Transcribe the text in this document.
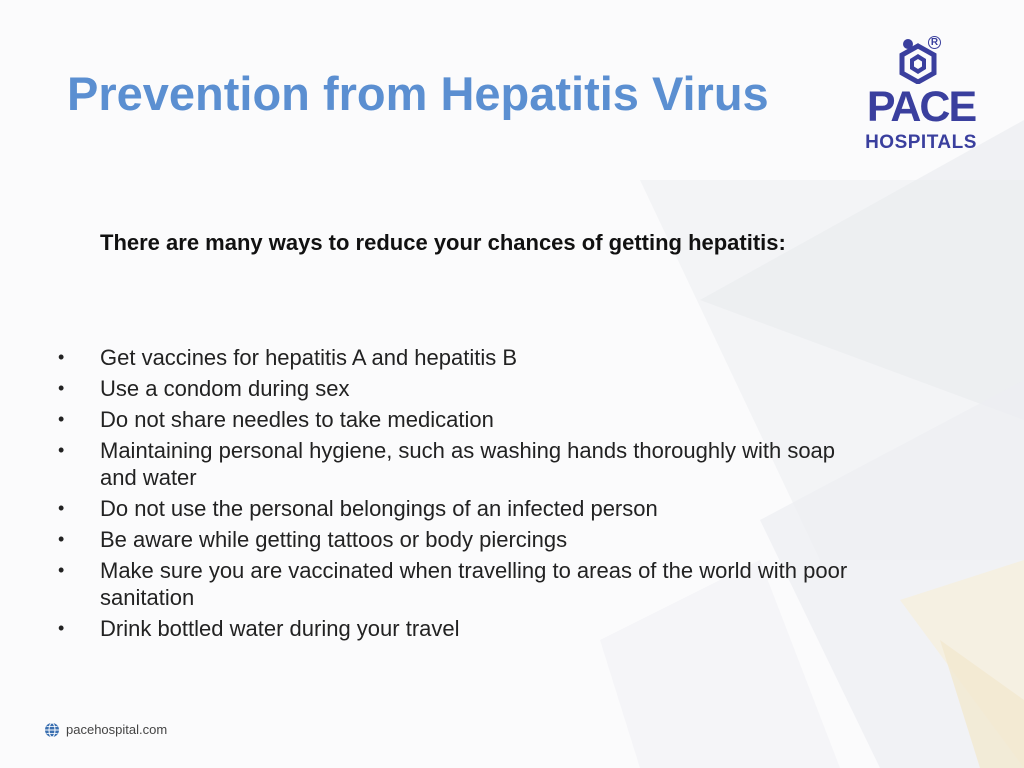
Prevention from Hepatitis Virus
R
PACE
HOSPITALS

There are many ways to reduce your chances of getting hepatitis:

• Get vaccines for hepatitis A and hepatitis B
• Use a condom during sex
• Do not share needles to take medication
• Maintaining personal hygiene, such as washing hands thoroughly with soap and water
• Do not use the personal belongings of an infected person
• Be aware while getting tattoos or body piercings
• Make sure you are vaccinated when travelling to areas of the world with poor sanitation
• Drink bottled water during your travel
pacehospital.com
